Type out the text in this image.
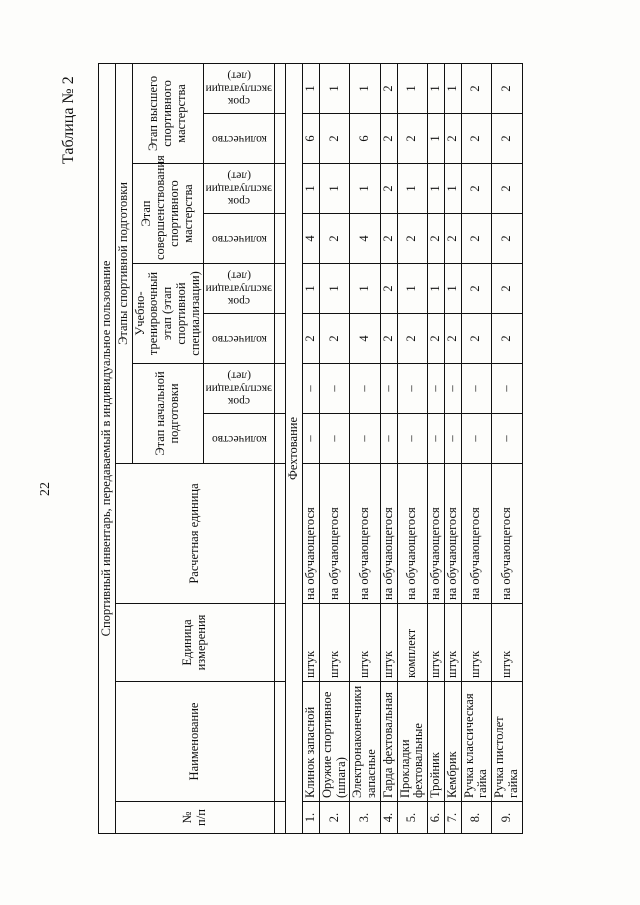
22
Таблица № 2
Спортивный инвентарь, передаваемый в индивидуальное пользование											
№ п/п	Наименование	Единица измерения	Расчетная единица	Этапы спортивной подготовки							
				Этап начальной подготовки		Учебно-тренировочный этап (этап спортивной специализации)		Этап совершенствования спортивного мастерства		Этап высшего спортивного мастерства	

				количество	срок эксплуатации (лет)	количество	срок эксплуатации (лет)	количество	срок эксплуатации (лет)	количество	срок эксплуатации (лет)

Фехтование											
1.	Клинок запасной	штук	на обучающегося	–	–	2	1	4	1	6	1
2.	Оружие спортивное (шпага)	штук	на обучающегося	–	–	2	1	2	1	2	1
3.	Электронаконечники запасные	штук	на обучающегося	–	–	4	1	4	1	6	1
4.	Гарда фехтовальная	штук	на обучающегося	–	–	2	2	2	2	2	2
5.	Прокладки фехтовальные	комплект	на обучающегося	–	–	2	1	2	1	2	1
6.	Тройник	штук	на обучающегося	–	–	2	1	2	1	1	1
7.	Кембрик	штук	на обучающегося	–	–	2	1	2	1	2	1
8.	Ручка классическая гайка	штук	на обучающегося	–	–	2	2	2	2	2	2
9.	Ручка пистолет гайка	штук	на обучающегося	–	–	2	2	2	2	2	2
